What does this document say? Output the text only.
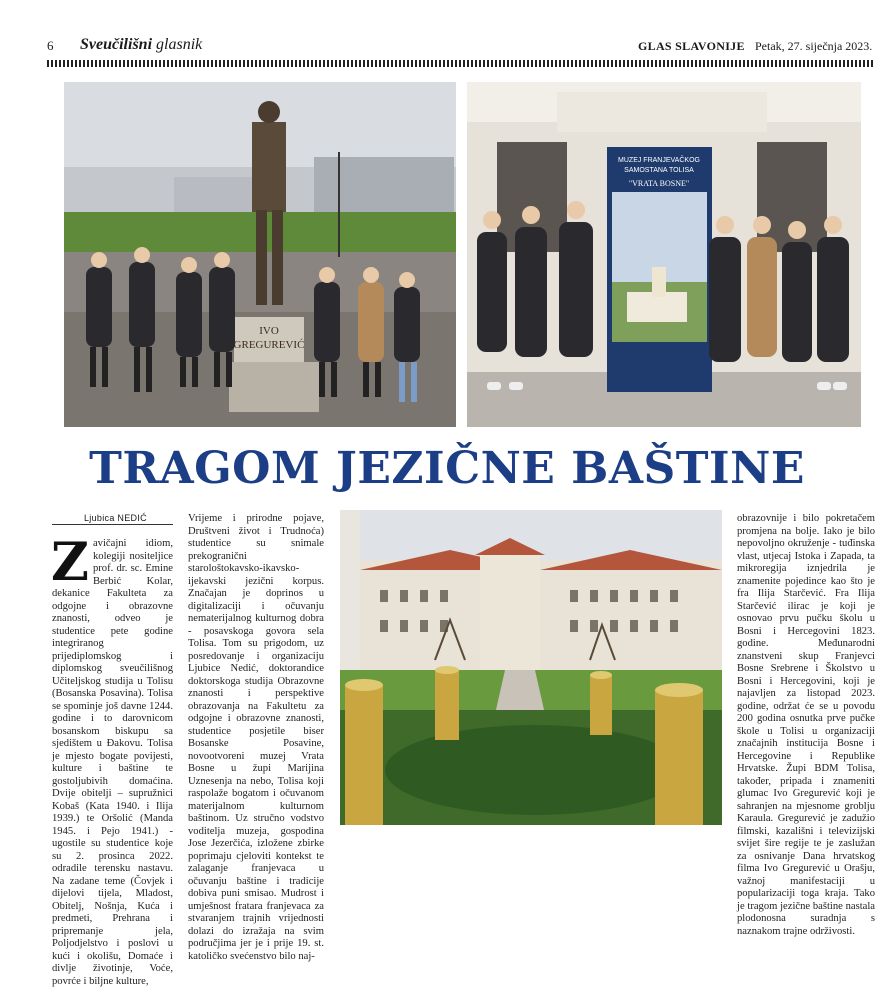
6 Sveučilišni glasnik	GLAS SLAVONIJE Petak, 27. siječnja 2023.
IVO
GREGUREVIĆ
MUZEJ FRANJEVAČKOG
SAMOSTANA TOLISA
"VRATA BOSNE"
TRAGOM JEZIČNE BAŠTINE
Ljubica NEDIĆ
Zavičajni idiom, kolegiji nositeljice prof. dr. sc. Emine Berbić Kolar, dekanice Fakulteta za odgojne i obrazovne znanosti, odveo je studentice pete godine integriranog prijediplomskog i diplomskog sveučilišnog Učiteljskog studija u Tolisu (Bosanska Posavina). Tolisa se spominje još davne 1244. godine i to darovnicom bosanskom biskupu sa sjedištem u Đakovu. Tolisa je mjesto bogate povijesti, kulture i baštine te gostoljubivih domaćina. Dvije obitelji – supružnici Kobaš (Kata 1940. i Ilija 1939.) te Oršolić (Manda 1945. i Pejo 1941.) - ugostile su studentice koje su 2. prosinca 2022. odradile terensku nastavu. Na zadane teme (Čovjek i dijelovi tijela, Mladost, Obitelj, Nošnja, Kuća i predmeti, Prehrana i pripremanje jela, Poljodjelstvo i poslovi u kući i okolišu, Domaće i divlje životinje, Voće, povrće i biljne kulture,
Vrijeme i prirodne pojave, Društveni život i Trudnoća) studentice su snimale prekogranični starološtokavsko-ikavsko-ijekavski jezični korpus. Značajan je doprinos u digitalizaciji i očuvanju nematerijalnog kulturnog dobra - posavskoga govora sela Tolisa. Tom su prigodom, uz posredovanje i organizaciju Ljubice Nedić, doktorandice doktorskoga studija Obrazovne znanosti i perspektive obrazovanja na Fakultetu za odgojne i obrazovne znanosti, studentice posjetile biser Bosanske Posavine, novootvoreni muzej Vrata Bosne u župi Marijina Uznesenja na nebo, Tolisa koji raspolaže bogatom i očuvanom materijalnom kulturnom baštinom. Uz stručno vodstvo voditelja muzeja, gospodina Jose Jezerčića, izložene zbirke poprimaju cjeloviti kontekst te zalaganje franjevaca u očuvanju baštine i tradicije dobiva puni smisao. Mudrost i umješnost fratara franjevaca za stvaranjem trajnih vrijednosti dolazi do izražaja na svim područjima jer je i prije 19. st. katoličko svećenstvo bilo naj-
obrazovnije i bilo pokretačem promjena na bolje. Iako je bilo nepovoljno okruženje - tuđinska vlast, utjecaj Istoka i Zapada, ta mikroregija iznjedrila je znamenite pojedince kao što je fra Ilija Starčević. Fra Ilija Starčević ilirac je koji je osnovao prvu pučku školu u Bosni i Hercegovini 1823. godine. Međunarodni znanstveni skup Franjevci Bosne Srebrene i Školstvo u Bosni i Hercegovini, koji je najavljen za listopad 2023. godine, održat će se u povodu 200 godina osnutka prve pučke škole u Tolisi u organizaciji značajnih institucija Bosne i Hercegovine i Republike Hrvatske. Župi BDM Tolisa, također, pripada i znameniti glumac Ivo Gregurević koji je sahranjen na mjesnome groblju Karaula. Gregurević je zadužio filmski, kazališni i televizijski svijet šire regije te je zaslužan za osnivanje Dana hrvatskog filma Ivo Gregurević u Orašju, važnoj manifestaciji u popularizaciji toga kraja. Tako je tragom jezične baštine nastala plodonosna suradnja s naznakom trajne održivosti.
